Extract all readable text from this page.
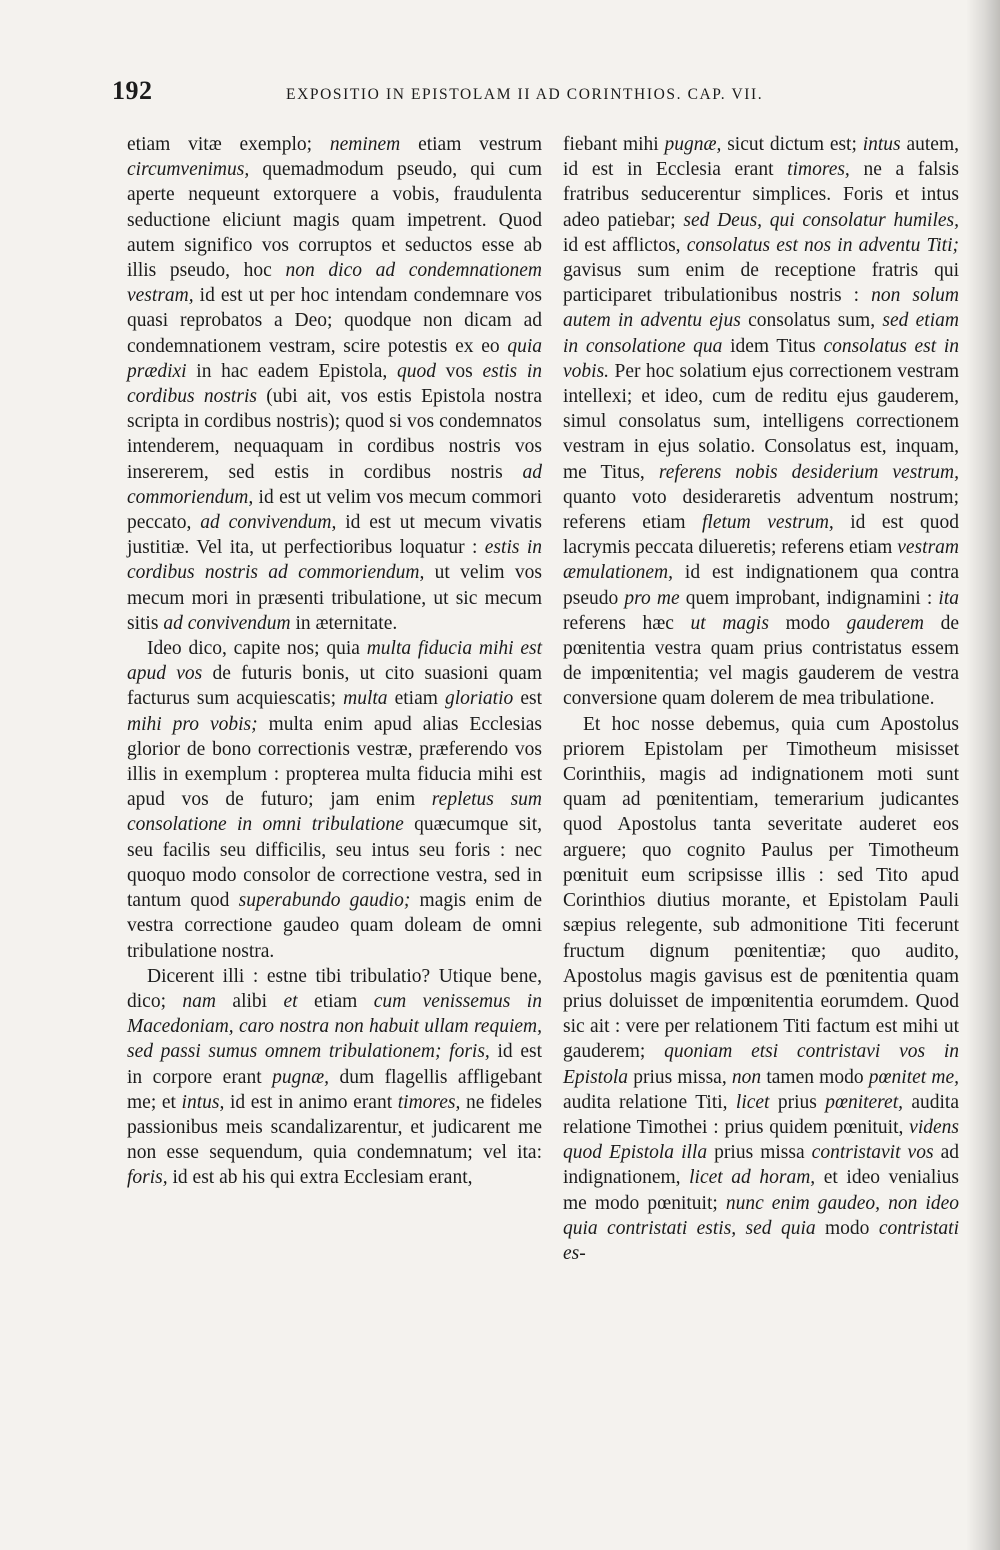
192	EXPOSITIO IN EPISTOLAM II AD CORINTHIOS. CAP. VII.

etiam vitæ exemplo; neminem etiam vestrum circumvenimus, quemadmodum pseudo, qui cum aperte nequeunt extorquere a vobis, fraudulenta seductione eliciunt magis quam impetrent. Quod autem significo vos corruptos et seductos esse ab illis pseudo, hoc non dico ad condemnationem vestram, id est ut per hoc intendam condemnare vos quasi reprobatos a Deo; quodque non dicam ad condemnationem vestram, scire potestis ex eo quia prædixi in hac eadem Epistola, quod vos estis in cordibus nostris (ubi ait, vos estis Epistola nostra scripta in cordibus nostris); quod si vos condemnatos intenderem, nequaquam in cordibus nostris vos insererem, sed estis in cordibus nostris ad commoriendum, id est ut velim vos mecum commori peccato, ad convivendum, id est ut mecum vivatis justitiæ. Vel ita, ut perfectioribus loquatur : estis in cordibus nostris ad commoriendum, ut velim vos mecum mori in præsenti tribulatione, ut sic mecum sitis ad convivendum in æternitate.

Ideo dico, capite nos; quia multa fiducia mihi est apud vos de futuris bonis, ut cito suasioni quam facturus sum acquiescatis; multa etiam gloriatio est mihi pro vobis; multa enim apud alias Ecclesias glorior de bono correctionis vestræ, præferendo vos illis in exemplum : propterea multa fiducia mihi est apud vos de futuro; jam enim repletus sum consolatione in omni tribulatione quæcumque sit, seu facilis seu difficilis, seu intus seu foris : nec quoquo modo consolor de correctione vestra, sed in tantum quod superabundo gaudio; magis enim de vestra correctione gaudeo quam doleam de omni tribulatione nostra.

Dicerent illi : estne tibi tribulatio? Utique bene, dico; nam alibi et etiam cum venissemus in Macedoniam, caro nostra non habuit ullam requiem, sed passi sumus omnem tribulationem; foris, id est in corpore erant pugnæ, dum flagellis affligebant me; et intus, id est in animo erant timores, ne fideles passionibus meis scandalizarentur, et judicarent me non esse sequendum, quia condemnatum; vel ita: foris, id est ab his qui extra Ecclesiam erant,

fiebant mihi pugnæ, sicut dictum est; intus autem, id est in Ecclesia erant timores, ne a falsis fratribus seducerentur simplices. Foris et intus adeo patiebar; sed Deus, qui consolatur humiles, id est afflictos, consolatus est nos in adventu Titi; gavisus sum enim de receptione fratris qui participaret tribulationibus nostris : non solum autem in adventu ejus consolatus sum, sed etiam in consolatione qua idem Titus consolatus est in vobis. Per hoc solatium ejus correctionem vestram intellexi; et ideo, cum de reditu ejus gauderem, simul consolatus sum, intelligens correctionem vestram in ejus solatio. Consolatus est, inquam, me Titus, referens nobis desiderium vestrum, quanto voto desideraretis adventum nostrum; referens etiam fletum vestrum, id est quod lacrymis peccata dilueretis; referens etiam vestram æmulationem, id est indignationem qua contra pseudo pro me quem improbant, indignamini : ita referens hæc ut magis modo gauderem de pœnitentia vestra quam prius contristatus essem de impœnitentia; vel magis gauderem de vestra conversione quam dolerem de mea tribulatione.

Et hoc nosse debemus, quia cum Apostolus priorem Epistolam per Timotheum misisset Corinthiis, magis ad indignationem moti sunt quam ad pœnitentiam, temerarium judicantes quod Apostolus tanta severitate auderet eos arguere; quo cognito Paulus per Timotheum pœnituit eum scripsisse illis : sed Tito apud Corinthios diutius morante, et Epistolam Pauli sæpius relegente, sub admonitione Titi fecerunt fructum dignum pœnitentiæ; quo audito, Apostolus magis gavisus est de pœnitentia quam prius doluisset de impœnitentia eorumdem. Quod sic ait : vere per relationem Titi factum est mihi ut gauderem; quoniam etsi contristavi vos in Epistola prius missa, non tamen modo pœnitet me, audita relatione Titi, licet prius pœniteret, audita relatione Timothei : prius quidem pœnituit, videns quod Epistola illa prius missa contristavit vos ad indignationem, licet ad horam, et ideo venialius me modo pœnituit; nunc enim gaudeo, non ideo quia contristati estis, sed quia modo contristati es-
